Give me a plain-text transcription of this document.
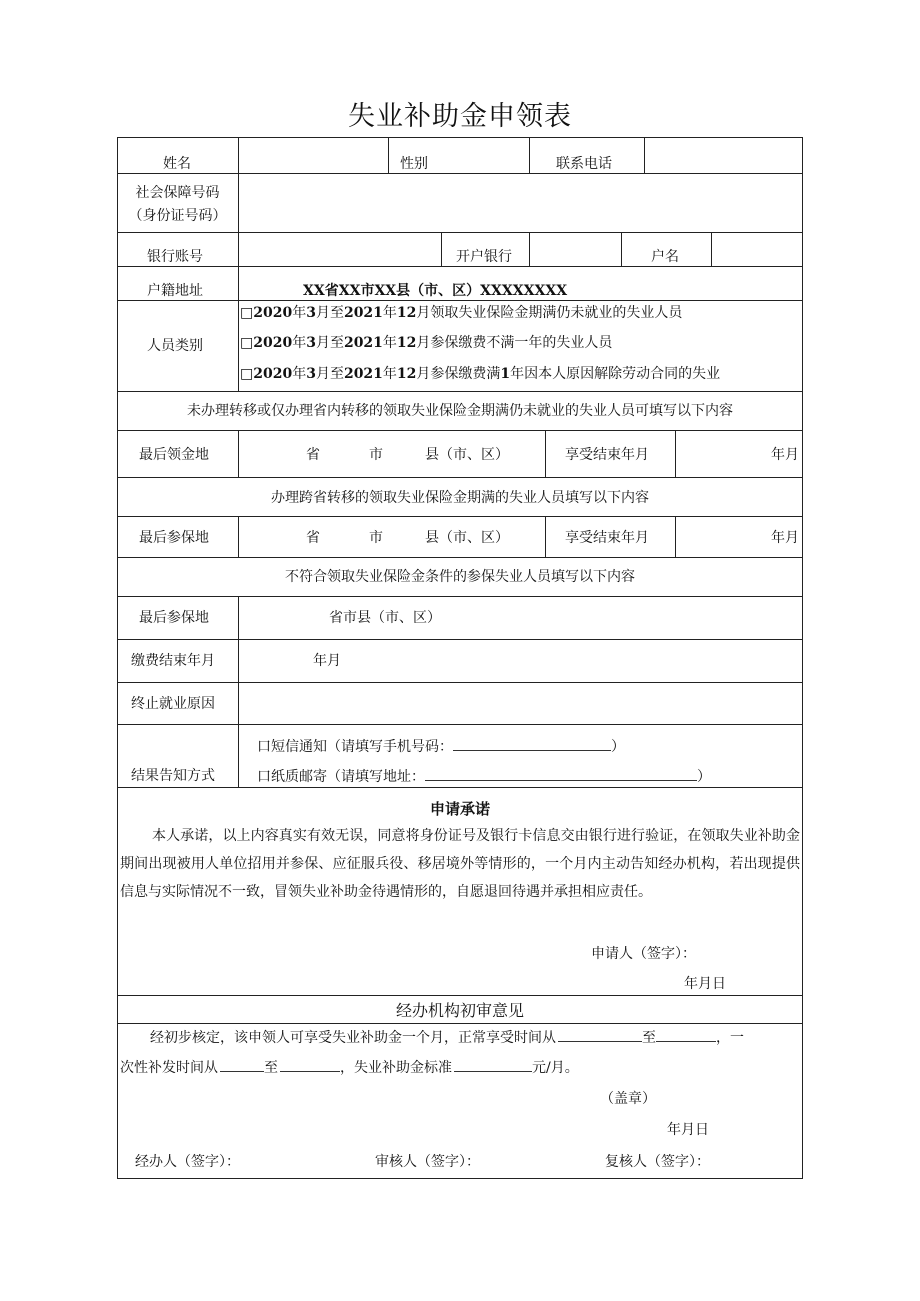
失业补助金申领表
姓名	性别	联系电话
社会保障号码
（身份证号码）
银行账号	开户银行	户名
户籍地址	XX省XX市XX县（市、区）XXXXXXXX
人员类别
□2020年3月至2021年12月领取失业保险金期满仍未就业的失业人员
□2020年3月至2021年12月参保缴费不满一年的失业人员
□2020年3月至2021年12月参保缴费满1年因本人原因解除劳动合同的失业
未办理转移或仅办理省内转移的领取失业保险金期满仍未就业的失业人员可填写以下内容
最后领金地	省	市	县（市、区）	享受结束年月	年月
办理跨省转移的领取失业保险金期满的失业人员填写以下内容
最后参保地	省	市	县（市、区）	享受结束年月	年月
不符合领取失业保险金条件的参保失业人员填写以下内容
最后参保地	省市县（市、区）
缴费结束年月	年月
终止就业原因
结果告知方式
口短信通知（请填写手机号码：	）
口纸质邮寄（请填写地址：	）
申请承诺
本人承诺，以上内容真实有效无误，同意将身份证号及银行卡信息交由银行进行验证，在领取失业补助金期间出现被用人单位招用并参保、应征服兵役、移居境外等情形的，一个月内主动告知经办机构，若出现提供信息与实际情况不一致，冒领失业补助金待遇情形的，自愿退回待遇并承担相应责任。
申请人（签字）：
年月日
经办机构初审意见
经初步核定，该申领人可享受失业补助金一个月，正常享受时间从	至	，一
次性补发时间从	至	，失业补助金标准	元/月。
（盖章）
年月日
经办人（签字）：	审核人（签字）：	复核人（签字）：
